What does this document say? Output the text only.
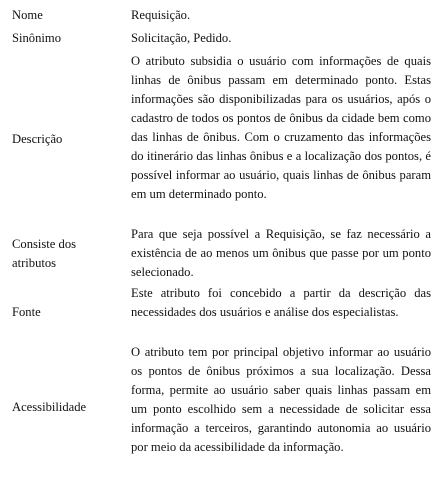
Nome	Requisição.
Sinônimo	Solicitação, Pedido.
Descrição
O atributo subsidia o usuário com informações de quais linhas de ônibus passam em determinado ponto. Estas informações são disponibilizadas para os usuários, após o cadastro de todos os pontos de ônibus da cidade bem como das linhas de ônibus. Com o cruzamento das informações do itinerário das linhas ônibus e a localização dos pontos, é possível informar ao usuário, quais linhas de ônibus param em um determinado ponto.
Consiste dos atributos
Para que seja possível a Requisição, se faz necessário a existência de ao menos um ônibus que passe por um ponto selecionado.
Fonte
Este atributo foi concebido a partir da descrição das necessidades dos usuários e análise dos especialistas.
Acessibilidade
O atributo tem por principal objetivo informar ao usuário os pontos de ônibus próximos a sua localização. Dessa forma, permite ao usuário saber quais linhas passam em um ponto escolhido sem a necessidade de solicitar essa informação a terceiros, garantindo autonomia ao usuário por meio da acessibilidade da informação.
